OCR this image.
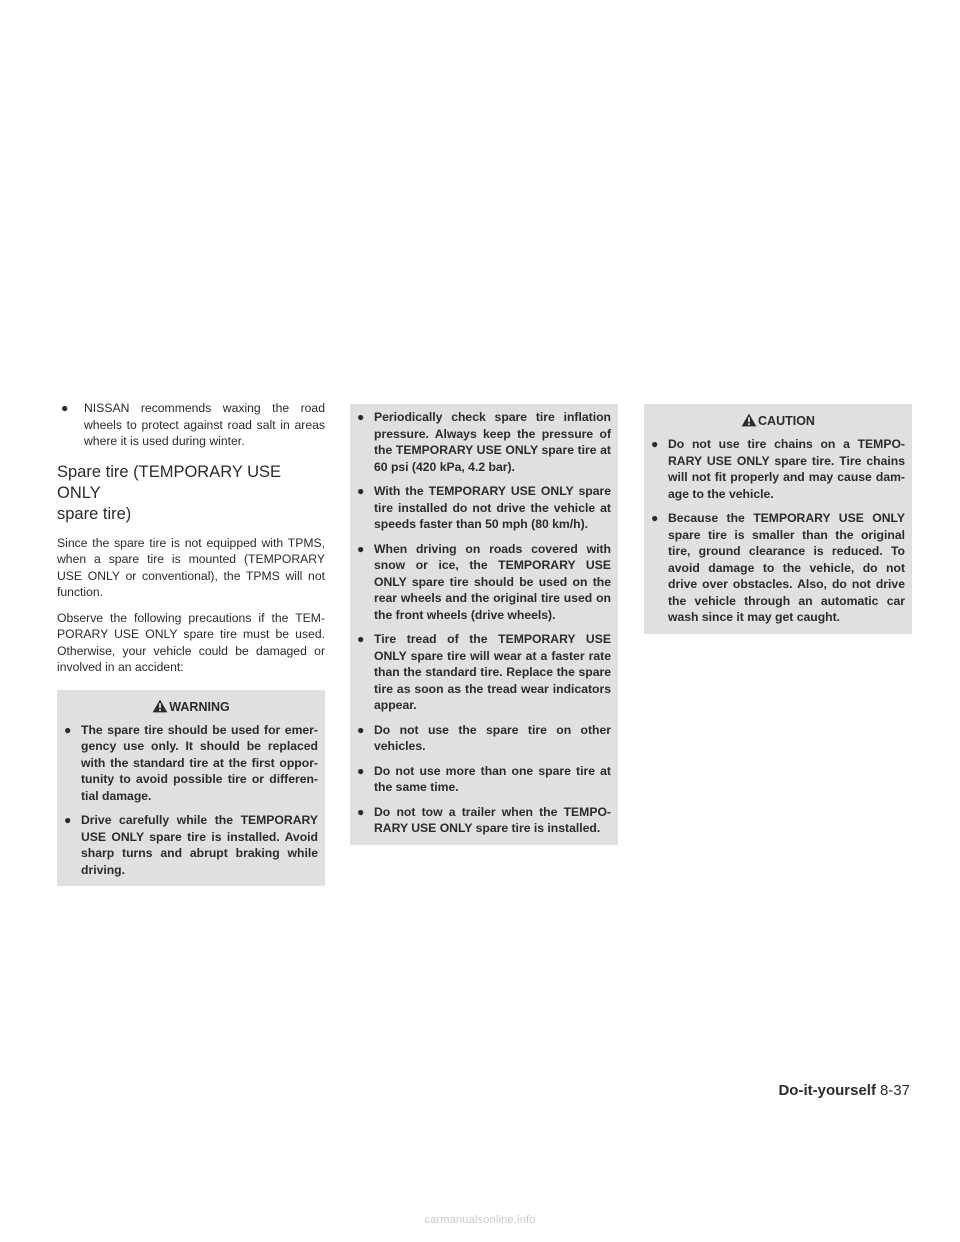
● NISSAN recommends waxing the road wheels to protect against road salt in areas where it is used during winter.
Spare tire (TEMPORARY USE ONLY
spare tire)

Since the spare tire is not equipped with TPMS, when a spare tire is mounted (TEMPORARY USE ONLY or conventional), the TPMS will not function.

Observe the following precautions if the TEM-PORARY USE ONLY spare tire must be used. Otherwise, your vehicle could be damaged or involved in an accident:

WARNING
● The spare tire should be used for emer-gency use only. It should be replaced with the standard tire at the first oppor-tunity to avoid possible tire or differen-tial damage.
● Drive carefully while the TEMPORARY USE ONLY spare tire is installed. Avoid sharp turns and abrupt braking while driving.
● Periodically check spare tire inflation pressure. Always keep the pressure of the TEMPORARY USE ONLY spare tire at 60 psi (420 kPa, 4.2 bar).
● With the TEMPORARY USE ONLY spare tire installed do not drive the vehicle at speeds faster than 50 mph (80 km/h).
● When driving on roads covered with snow or ice, the TEMPORARY USE ONLY spare tire should be used on the rear wheels and the original tire used on the front wheels (drive wheels).
● Tire tread of the TEMPORARY USE ONLY spare tire will wear at a faster rate than the standard tire. Replace the spare tire as soon as the tread wear indicators appear.
● Do not use the spare tire on other vehicles.
● Do not use more than one spare tire at the same time.
● Do not tow a trailer when the TEMPO-RARY USE ONLY spare tire is installed.
CAUTION
● Do not use tire chains on a TEMPO-RARY USE ONLY spare tire. Tire chains will not fit properly and may cause dam-age to the vehicle.
● Because the TEMPORARY USE ONLY spare tire is smaller than the original tire, ground clearance is reduced. To avoid damage to the vehicle, do not drive over obstacles. Also, do not drive the vehicle through an automatic car wash since it may get caught.
Do-it-yourself 8-37
carmanualsonline.info
